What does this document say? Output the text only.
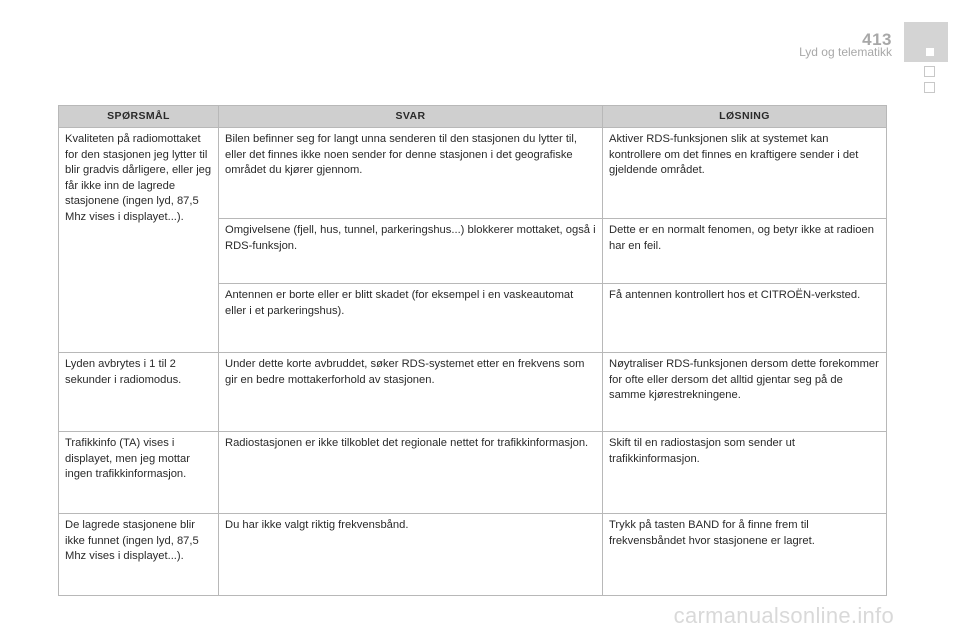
413
Lyd og telematikk
SPØRSMÅL	SVAR	LØSNING
Kvaliteten på radiomottaket for den stasjonen jeg lytter til blir gradvis dårligere, eller jeg får ikke inn de lagrede stasjonene (ingen lyd, 87,5 Mhz vises i displayet...).	Bilen befinner seg for langt unna senderen til den stasjonen du lytter til, eller det finnes ikke noen sender for denne stasjonen i det geografiske området du kjører gjennom.	Aktiver RDS-funksjonen slik at systemet kan kontrollere om det finnes en kraftigere sender i det gjeldende området.
	Omgivelsene (fjell, hus, tunnel, parkeringshus...) blokkerer mottaket, også i RDS-funksjon.	Dette er en normalt fenomen, og betyr ikke at radioen har en feil.
	Antennen er borte eller er blitt skadet (for eksempel i en vaskeautomat eller i et parkeringshus).	Få antennen kontrollert hos et CITROËN-verksted.
Lyden avbrytes i 1 til 2 sekunder i radiomodus.	Under dette korte avbruddet, søker RDS-systemet etter en frekvens som gir en bedre mottakerforhold av stasjonen.	Nøytraliser RDS-funksjonen dersom dette forekommer for ofte eller dersom det alltid gjentar seg på de samme kjørestrekningene.
Trafikkinfo (TA) vises i displayet, men jeg mottar ingen trafikkinformasjon.	Radiostasjonen er ikke tilkoblet det regionale nettet for trafikkinformasjon.	Skift til en radiostasjon som sender ut trafikkinformasjon.
De lagrede stasjonene blir ikke funnet (ingen lyd, 87,5 Mhz vises i displayet...).	Du har ikke valgt riktig frekvensbånd.	Trykk på tasten BAND for å finne frem til frekvensbåndet hvor stasjonene er lagret.
carmanualsonline.info
